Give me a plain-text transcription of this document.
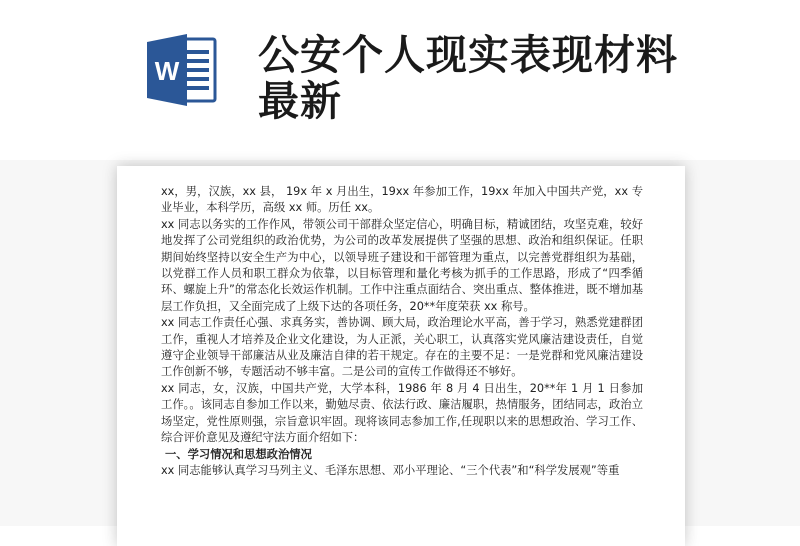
W 公安个人现实表现材料最新

xx，男，汉族，xx 县， 19x 年 x 月出生，19xx 年参加工作，19xx 年加入中国共产党，xx 专业毕业，本科学历，高级 xx 师。历任 xx。

xx 同志以务实的工作作风，带领公司干部群众坚定信心，明确目标，精诚团结，攻坚克难，较好地发挥了公司党组织的政治优势，为公司的改革发展提供了坚强的思想、政治和组织保证。任职期间始终坚持以安全生产为中心，以领导班子建设和干部管理为重点，以完善党群组织为基础，以党群工作人员和职工群众为依靠，以目标管理和量化考核为抓手的工作思路，形成了“四季循环、螺旋上升”的常态化长效运作机制。工作中注重点面结合、突出重点、整体推进，既不增加基层工作负担，又全面完成了上级下达的各项任务，20**年度荣获 xx 称号。

xx 同志工作责任心强、求真务实，善协调、顾大局，政治理论水平高，善于学习，熟悉党建群团工作，重视人才培养及企业文化建设，为人正派，关心职工，认真落实党风廉洁建设责任，自觉遵守企业领导干部廉洁从业及廉洁自律的若干规定。存在的主要不足：一是党群和党风廉洁建设工作创新不够，专题活动不够丰富。二是公司的宣传工作做得还不够好。

xx 同志，女，汉族，中国共产党，大学本科，1986 年 8 月 4 日出生，20**年 1 月 1 日参加工作。。该同志自参加工作以来，勤勉尽责、依法行政、廉洁履职，热情服务，团结同志，政治立场坚定，党性原则强，宗旨意识牢固。现将该同志参加工作,任现职以来的思想政治、学习工作、综合评价意见及遵纪守法方面介绍如下：

一、学习情况和思想政治情况

xx 同志能够认真学习马列主义、毛泽东思想、邓小平理论、“三个代表”和“科学发展观”等重
